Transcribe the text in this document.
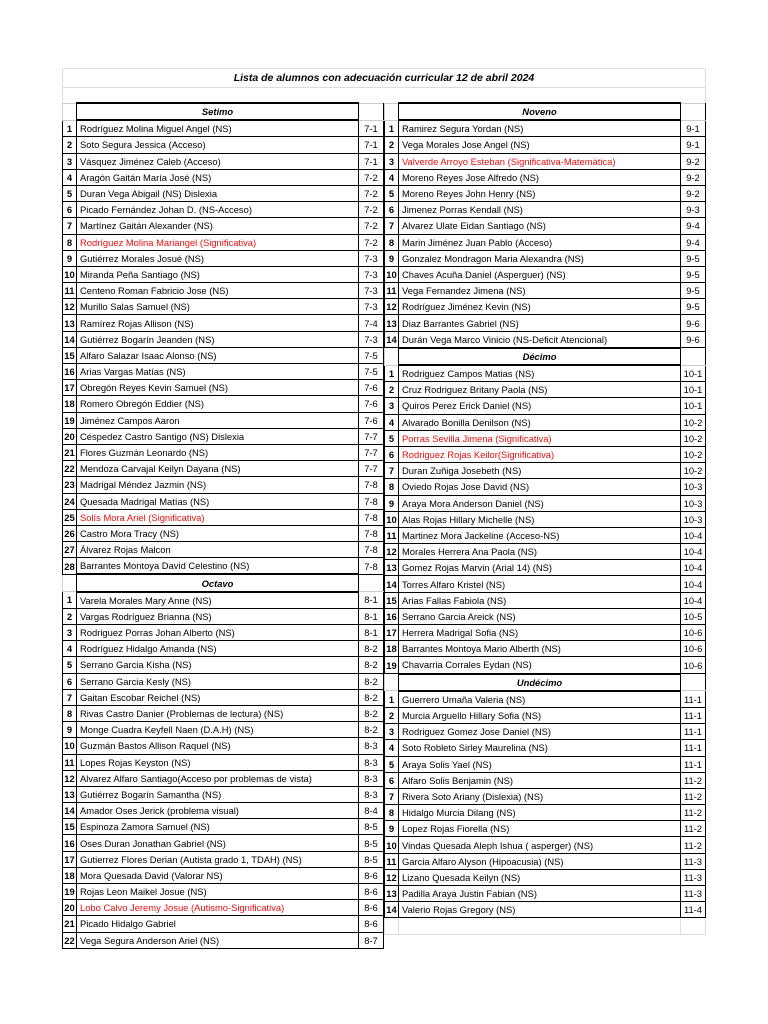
Lista de alumnos con adecuación curricular 12 de abril 2024
	Setimo	
1	Rodríguez Molina Miguel Angel (NS)	7-1
2	Soto Segura Jessica (Acceso)	7-1
3	Vásquez Jiménez Caleb (Acceso)	7-1
4	Aragón Gaitán María José (NS)	7-2
5	Duran Vega Abigail (NS) Dislexia	7-2
6	Picado Fernández Johan D. (NS-Acceso)	7-2
7	Martínez Gaitán Alexander (NS)	7-2
8	Rodríguez Molina Mariangel (Significativa)	7-2
9	Gutiérrez Morales Josué (NS)	7-3
10	Miranda Peña Santiago (NS)	7-3
11	Centeno Roman Fabricio Jose (NS)	7-3
12	Murillo Salas Samuel (NS)	7-3
13	Ramírez Rojas Allison (NS)	7-4
14	Gutiérrez Bogarín Jeanden (NS)	7-3
15	Alfaro Salazar Isaac Alonso (NS)	7-5
16	Arias Vargas Matías (NS)	7-5
17	Obregón Reyes Kevin Samuel (NS)	7-6
18	Romero Obregón Eddier (NS)	7-6
19	Jiménez Campos Aaron	7-6
20	Céspedez Castro Santigo (NS) Dislexia	7-7
21	Flores Guzmán Leonardo (NS)	7-7
22	Mendoza Carvajal Keilyn Dayana (NS)	7-7
23	Madrigal Méndez Jazmin (NS)	7-8
24	Quesada Madrigal Matías (NS)	7-8
25	Solís Mora Ariel (Significativa)	7-8
26	Castro Mora Tracy (NS)	7-8
27	Álvarez Rojas Malcon	7-8
28	Barrantes Montoya David Celestino (NS)	7-8
	Octavo	
1	Varela Morales Mary Anne (NS)	8-1
2	Vargas Rodríguez Brianna (NS)	8-1
3	Rodriguez Porras Johan Alberto (NS)	8-1
4	Rodríguez Hidalgo Amanda (NS)	8-2
5	Serrano Garcia Kisha (NS)	8-2
6	Serrano Garcia Kesly (NS)	8-2
7	Gaitan Escobar Reichel (NS)	8-2
8	Rivas Castro Danier (Problemas de lectura) (NS)	8-2
9	Monge Cuadra Keyfell Naen (D.A.H) (NS)	8-2
10	Guzmán Bastos Allison Raquel (NS)	8-3
11	Lopes Rojas Keyston (NS)	8-3
12	Alvarez Alfaro Santiago(Acceso por problemas de vista)	8-3
13	Gutiérrez Bogarín Samantha (NS)	8-3
14	Amador Oses Jerick (problema visual)	8-4
15	Espinoza Zamora Samuel (NS)	8-5
16	Oses Duran Jonathan Gabriel (NS)	8-5
17	Gutierrez Flores Derian (Autista grado 1, TDAH) (NS)	8-5
18	Mora Quesada David (Valorar NS)	8-6
19	Rojas Leon Maikel Josue (NS)	8-6
20	Lobo Calvo Jeremy Josue (Autismo-Significativa)	8-6
21	Picado Hidalgo Gabriel	8-6
22	Vega Segura Anderson Ariel (NS)	8-7
	Noveno	
1	Ramirez Segura Yordan (NS)	9-1
2	Vega Morales Jose Angel (NS)	9-1
3	Valverde Arroyo Esteban (Significativa-Matemática)	9-2
4	Moreno Reyes Jose Alfredo (NS)	9-2
5	Moreno Reyes John Henry (NS)	9-2
6	Jimenez Porras Kendall (NS)	9-3
7	Alvarez Ulate Eidan Santiago (NS)	9-4
8	Marin Jiménez Juan Pablo (Acceso)	9-4
9	Gonzalez Mondragon Maria Alexandra (NS)	9-5
10	Chaves Acuña Daniel (Asperguer) (NS)	9-5
11	Vega Fernandez Jimena (NS)	9-5
12	Rodríguez Jiménez Kevin (NS)	9-5
13	Diaz Barrantes Gabriel (NS)	9-6
14	Durán Vega Marco Vinicio (NS-Deficit Atencional)	9-6
	Décimo	
1	Rodriguez Campos Matias (NS)	10-1
2	Cruz Rodriguez Britany Paola (NS)	10-1
3	Quiros Perez Erick Daniel (NS)	10-1
4	Alvarado Bonilla Denilson (NS)	10-2
5	Porras Sevilla Jimena (Significativa)	10-2
6	Rodriguez Rojas Keilor(Significativa)	10-2
7	Duran Zuñiga Josebeth (NS)	10-2
8	Oviedo Rojas Jose David (NS)	10-3
9	Araya Mora Anderson Daniel (NS)	10-3
10	Alas Rojas Hillary Michelle (NS)	10-3
11	Martinez Mora Jackeline (Acceso-NS)	10-4
12	Morales Herrera Ana Paola (NS)	10-4
13	Gomez Rojas Marvin (Arial 14) (NS)	10-4
14	Torres Alfaro Kristel (NS)	10-4
15	Arias Fallas Fabiola (NS)	10-4
16	Serrano Garcia Areick (NS)	10-5
17	Herrera Madrigal Sofia (NS)	10-6
18	Barrantes Montoya Mario Alberth (NS)	10-6
19	Chavarria Corrales Eydan (NS)	10-6
	Undécimo	
1	Guerrero Umaña Valeria (NS)	11-1
2	Murcia Arguello Hillary Sofia (NS)	11-1
3	Rodriguez Gomez Jose Daniel (NS)	11-1
4	Soto Robleto Sirley Maurelina (NS)	11-1
5	Araya Solis Yael (NS)	11-1
6	Alfaro Solis Benjamin (NS)	11-2
7	Rivera Soto Ariany (Dislexia) (NS)	11-2
8	Hidalgo Murcia Dilang (NS)	11-2
9	Lopez Rojas Fiorella (NS)	11-2
10	Vindas Quesada Aleph Ishua ( asperger) (NS)	11-2
11	Garcia Alfaro Alyson (Hipoacusia) (NS)	11-3
12	Lizano Quesada Keilyn (NS)	11-3
13	Padilla Araya Justin Fabian (NS)	11-3
14	Valerio Rojas Gregory (NS)	11-4
